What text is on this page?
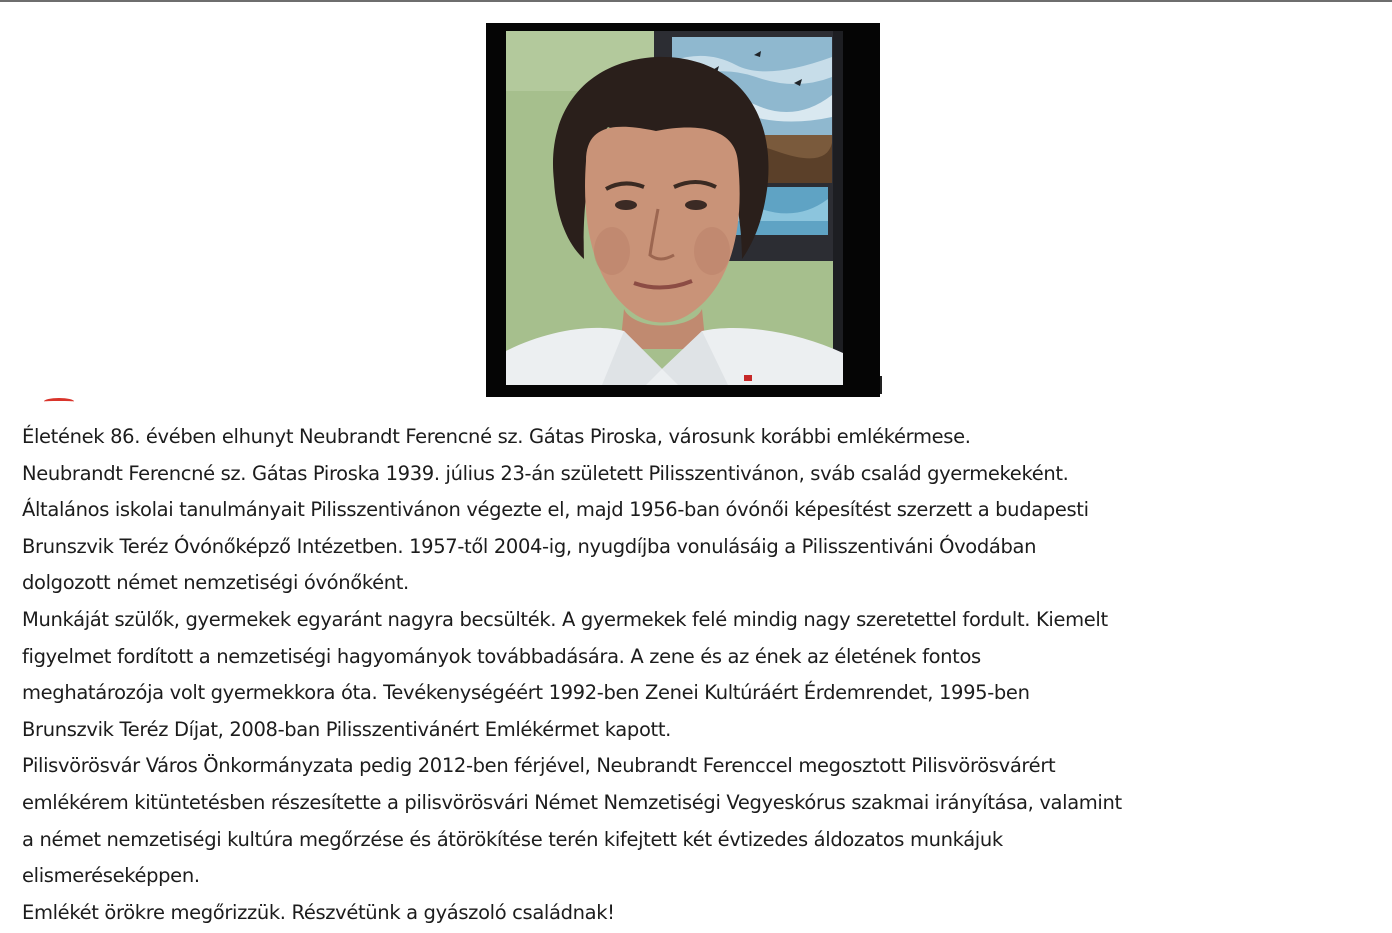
Életének 86. évében elhunyt Neubrandt Ferencné sz. Gátas Piroska, városunk korábbi emlékérmese.

Neubrandt Ferencné sz. Gátas Piroska 1939. július 23-án született Pilisszentivánon, sváb család gyermekeként.

Általános iskolai tanulmányait Pilisszentivánon végezte el, majd 1956-ban óvónői képesítést szerzett a budapesti

Brunszvik Teréz Óvónőképző Intézetben. 1957-től 2004-ig, nyugdíjba vonulásáig a Pilisszentiváni Óvodában

dolgozott német nemzetiségi óvónőként.

Munkáját szülők, gyermekek egyaránt nagyra becsülték. A gyermekek felé mindig nagy szeretettel fordult. Kiemelt

figyelmet fordított a nemzetiségi hagyományok továbbadására. A zene és az ének az életének fontos

meghatározója volt gyermekkora óta. Tevékenységéért 1992-ben Zenei Kultúráért Érdemrendet, 1995-ben

Brunszvik Teréz Díjat, 2008-ban Pilisszentivánért Emlékérmet kapott.

Pilisvörösvár Város Önkormányzata pedig 2012-ben férjével, Neubrandt Ferenccel megosztott Pilisvörösvárért

emlékérem kitüntetésben részesítette a pilisvörösvári Német Nemzetiségi Vegyeskórus szakmai irányítása, valamint

a német nemzetiségi kultúra megőrzése és átörökítése terén kifejtett két évtizedes áldozatos munkájuk

elismeréseképpen.

Emlékét örökre megőrizzük. Részvétünk a gyászoló családnak!
